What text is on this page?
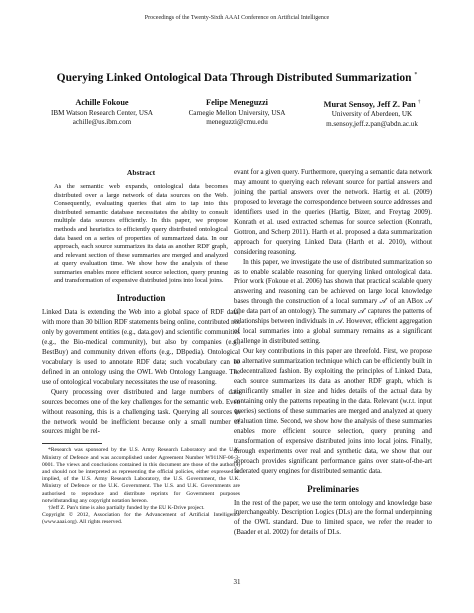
Proceedings of the Twenty-Sixth AAAI Conference on Artificial Intelligence
Querying Linked Ontological Data Through Distributed Summarization *
Achille Fokoue
IBM Watson Research Center, USA
achille@us.ibm.com
Felipe Meneguzzi
Carnegie Mellon University, USA
meneguzzi@cmu.edu
Murat Sensoy, Jeff Z. Pan †
University of Aberdeen, UK
m.sensoy,jeff.z.pan@abdn.ac.uk
Abstract

As the semantic web expands, ontological data becomes distributed over a large network of data sources on the Web. Consequently, evaluating queries that aim to tap into this distributed semantic database necessitates the ability to consult multiple data sources efficiently. In this paper, we propose methods and heuristics to efficiently query distributed ontological data based on a series of properties of summarized data. In our approach, each source summarizes its data as another RDF graph, and relevant section of these summaries are merged and analyzed at query evaluation time. We show how the analysis of these summaries enables more efficient source selection, query pruning and transformation of expensive distributed joins into local joins.

Introduction

Linked Data is extending the Web into a global space of RDF data, with more than 30 billion RDF statements being online, contributed not only by government entities (e.g., data.gov) and scientific communities (e.g., the Bio-medical community), but also by companies (e.g., BestBuy) and community driven efforts (e.g., DBpedia). Ontological vocabulary is used to annotate RDF data; such vocabulary can be defined in an ontology using the OWL Web Ontology Language. The use of ontological vocabulary necessitates the use of reasoning.

Query processing over distributed and large numbers of data sources becomes one of the key challenges for the semantic web. Even without reasoning, this is a challenging task. Querying all sources in the network would be inefficient because only a small number of sources might be rel-

*Research was sponsored by the U.S. Army Research Laboratory and the U.K. Ministry of Defence and was accomplished under Agreement Number W911NF-06-3-0001. The views and conclusions contained in this document are those of the author(s) and should not be interpreted as representing the official policies, either expressed or implied, of the U.S. Army Research Laboratory, the U.S. Government, the U.K. Ministry of Defence or the U.K. Government. The U.S. and U.K. Governments are authorised to reproduce and distribute reprints for Government purposes notwithstanding any copyright notation hereon.

†Jeff Z. Pan's time is also partially funded by the EU K-Drive project.

Copyright © 2012, Association for the Advancement of Artificial Intelligence (www.aaai.org). All rights reserved.

evant for a given query. Furthermore, querying a semantic data network may amount to querying each relevant source for partial answers and joining the partial answers over the network. Hartig et al. (2009) proposed to leverage the correspondence between source addresses and identifiers used in the queries (Hartig, Bizer, and Freytag 2009). Konrath et al. used extracted schemas for source selection (Konrath, Gottron, and Scherp 2011). Harth et al. proposed a data summarization approach for querying Linked Data (Harth et al. 2010), without considering reasoning.

In this paper, we investigate the use of distributed summarization so as to enable scalable reasoning for querying linked ontological data. Prior work (Fokoue et al. 2006) has shown that practical scalable query answering and reasoning can be achieved on large local knowledge bases through the construction of a local summary 𝒜′ of an ABox 𝒜 (the data part of an ontology). The summary 𝒜′ captures the patterns of relationships between individuals in 𝒜. However, efficient aggregation of local summaries into a global summary remains as a significant challenge in distributed setting.

Our key contributions in this paper are threefold. First, we propose an alternative summarization technique which can be efficiently built in a decentralized fashion. By exploiting the principles of Linked Data, each source summarizes its data as another RDF graph, which is significantly smaller in size and hides details of the actual data by containing only the patterns repeating in the data. Relevant (w.r.t. input queries) sections of these summaries are merged and analyzed at query evaluation time. Second, we show how the analysis of these summaries enables more efficient source selection, query pruning and transformation of expensive distributed joins into local joins. Finally, through experiments over real and synthetic data, we show that our approach provides significant performance gains over state-of-the-art federated query engines for distributed semantic data.

Preliminaries

In the rest of the paper, we use the term ontology and knowledge base interchangeably. Description Logics (DLs) are the formal underpinning of the OWL standard. Due to limited space, we refer the reader to (Baader et al. 2002) for details of DLs.

31
